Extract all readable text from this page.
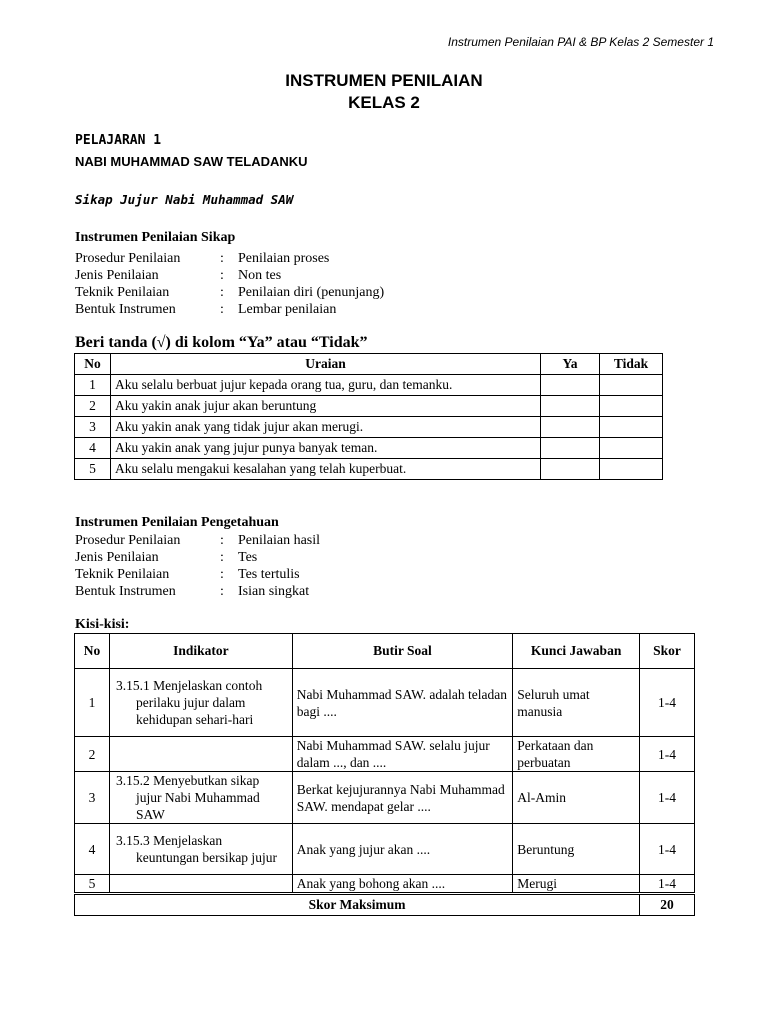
Instrumen Penilaian PAI & BP Kelas 2 Semester 1
INSTRUMEN PENILAIAN
KELAS 2
PELAJARAN 1
NABI MUHAMMAD SAW TELADANKU
Sikap Jujur Nabi Muhammad SAW
Instrumen Penilaian Sikap
Prosedur Penilaian	:	Penilaian proses
Jenis Penilaian	:	Non tes
Teknik Penilaian	:	Penilaian diri (penunjang)
Bentuk Instrumen	:	Lembar penilaian
Beri tanda (√) di kolom “Ya” atau “Tidak”
No	Uraian	Ya	Tidak
1	Aku selalu berbuat jujur kepada orang tua, guru, dan temanku.		
2	Aku yakin anak jujur akan beruntung		
3	Aku yakin anak yang tidak jujur akan merugi.		
4	Aku yakin anak yang jujur punya banyak teman.		
5	Aku selalu mengakui kesalahan yang telah kuperbuat.		
Instrumen Penilaian Pengetahuan
Prosedur Penilaian	:	Penilaian hasil
Jenis Penilaian	:	Tes
Teknik Penilaian	:	Tes tertulis
Bentuk Instrumen	:	Isian singkat
Kisi-kisi:
No	Indikator	Butir Soal	Kunci Jawaban	Skor
1	3.15.1 Menjelaskan contoh perilaku jujur dalam kehidupan sehari-hari	Nabi Muhammad SAW. adalah teladan bagi ....	Seluruh umat manusia	1-4
2		Nabi Muhammad SAW. selalu jujur dalam ..., dan ....	Perkataan dan perbuatan	1-4
3	3.15.2 Menyebutkan sikap jujur Nabi Muhammad SAW	Berkat kejujurannya Nabi Muhammad SAW. mendapat gelar ....	Al-Amin	1-4
4	3.15.3 Menjelaskan keuntungan bersikap jujur	Anak yang jujur akan ....	Beruntung	1-4
5		Anak yang bohong akan ....	Merugi	1-4
Skor Maksimum	20
